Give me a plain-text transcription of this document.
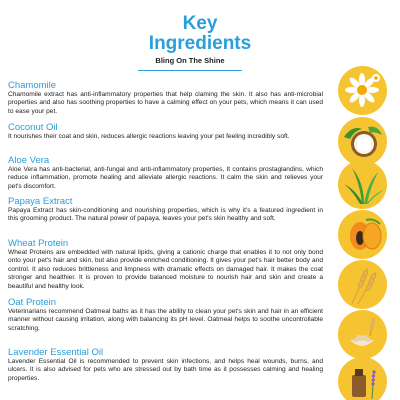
Key
Ingredients
Bling On The Shine
Chamomile
Chamomile extract has anti-inflammatory properties that help claming the skin. It also has anti-microbial properties and also has soothing properties to have a calming effect on your pets, which means it can used to ease your pet.
Coconut Oil
It nourishes their coat and skin, reduces allergic reactions leaving your pet feeling incredibly soft.
Aloe Vera
Aloe Vera has anti-bacterial, anti-fungal and anti-inflammatory properties, It contains prostaglandins, which reduce inflammation, promote healing and alleviate allergic reactions. It calm the skin and relieves your pet's discomfort.
Papaya Extract
Papaya Extract has skin-conditioning and nourishing properties, which is why it's a featured ingredient in this grooming product. The natural power of papaya, leaves your pet's skin healthy and soft.
Wheat Protein
Wheat Proteins are embedded with natural lipids, giving a cationic charge that enables it to not only bond onto your pet's hair and skin, but also provide enriched conditioning. It gives your pet's hair better body and control. It also reduces brittleness and limpness with dramatic effects on damaged hair. It makes the coat stronger and healthier. It is proven to provide balanced moisture to nourish hair and skin and create a beautiful and healthy look.
Oat Protein
Veterinarians recommend Oatmeal baths as it has the ability to clean your pet's skin and hair in an efficient manner without causing irritation, along with balancing its pH level. Oatmeal helps to soothe uncontrollable scratching.
Lavender Essential Oil
Lavender Essential Oil is recommended to prevent skin infections, and helps heal wounds, burns, and ulcers. It is also advised for pets who are stressed out by bath time as it possesses calming and healing properties.
